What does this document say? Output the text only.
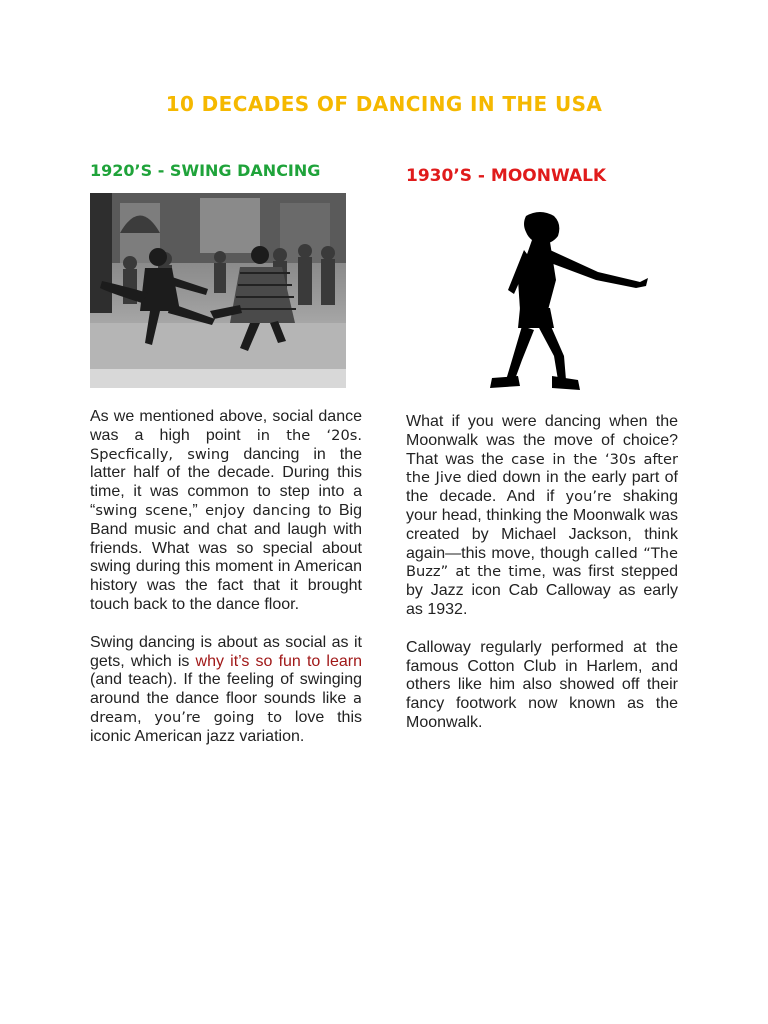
10 DECADES OF DANCING IN THE USA
1920’S - SWING DANCING	1930’S - MOONWALK

As we mentioned above, social dance was a high point in the ‘20s. Specfically, swing dancing in the latter half of the decade. During this time, it was common to step into a “swing scene,” enjoy dancing to Big Band music and chat and laugh with friends. What was so special about swing during this moment in American history was the fact that it brought touch back to the dance floor.

Swing dancing is about as social as it gets, which is why it’s so fun to learn (and teach). If the feeling of swinging around the dance floor sounds like a dream, you’re going to love this iconic American jazz variation.

What if you were dancing when the Moonwalk was the move of choice? That was the case in the ‘30s after the Jive died down in the early part of the decade. And if you’re shaking your head, thinking the Moonwalk was created by Michael Jackson, think again—this move, though called “The Buzz” at the time, was first stepped by Jazz icon Cab Calloway as early as 1932.

Calloway regularly performed at the famous Cotton Club in Harlem, and others like him also showed off their fancy footwork now known as the Moonwalk.
